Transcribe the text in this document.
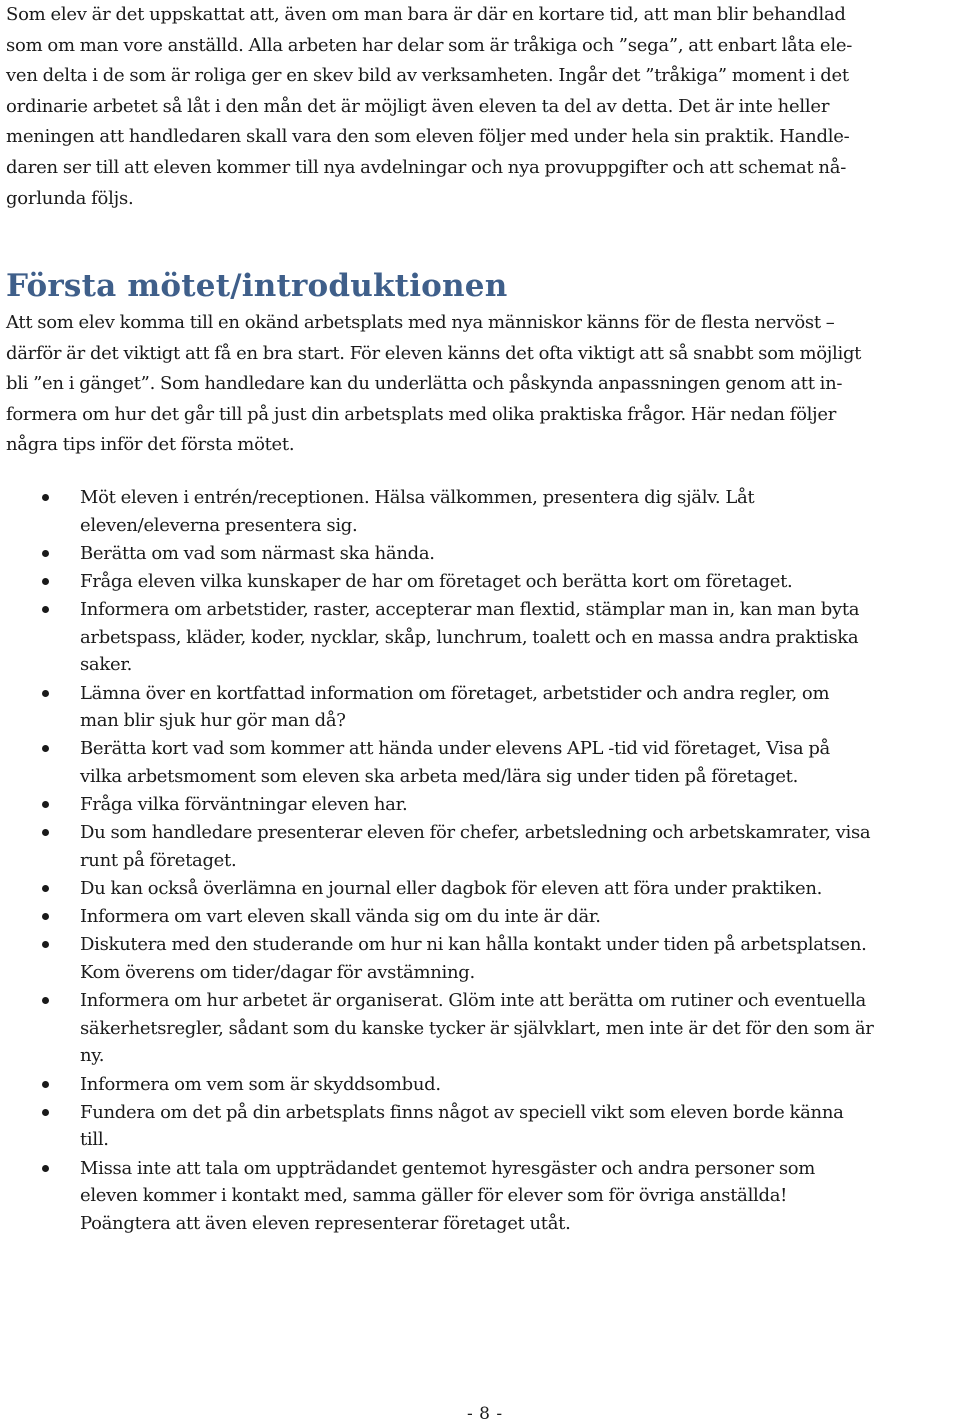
Som elev är det uppskattat att, även om man bara är där en kortare tid, att man blir behandlad

som om man vore anställd. Alla arbeten har delar som är tråkiga och ”sega”, att enbart låta ele-

ven delta i de som är roliga ger en skev bild av verksamheten. Ingår det ”tråkiga” moment i det

ordinarie arbetet så låt i den mån det är möjligt även eleven ta del av detta. Det är inte heller

meningen att handledaren skall vara den som eleven följer med under hela sin praktik. Handle-

daren ser till att eleven kommer till nya avdelningar och nya provuppgifter och att schemat nå-

gorlunda följs.

Första mötet/introduktionen
Att som elev komma till en okänd arbetsplats med nya människor känns för de flesta nervöst –
därför är det viktigt att få en bra start. För eleven känns det ofta viktigt att så snabbt som möjligt
bli ”en i gänget”. Som handledare kan du underlätta och påskynda anpassningen genom att in-
formera om hur det går till på just din arbetsplats med olika praktiska frågor. Här nedan följer
några tips inför det första mötet.
Möt eleven i entrén/receptionen. Hälsa välkommen, presentera dig själv. Låt
eleven/eleverna presentera sig.
Berätta om vad som närmast ska hända.
Fråga eleven vilka kunskaper de har om företaget och berätta kort om företaget.
Informera om arbetstider, raster, accepterar man flextid, stämplar man in, kan man byta
arbetspass, kläder, koder, nycklar, skåp, lunchrum, toalett och en massa andra praktiska
saker.
Lämna över en kortfattad information om företaget, arbetstider och andra regler, om
man blir sjuk hur gör man då?
Berätta kort vad som kommer att hända under elevens APL -tid vid företaget, Visa på
vilka arbetsmoment som eleven ska arbeta med/lära sig under tiden på företaget.
Fråga vilka förväntningar eleven har.
Du som handledare presenterar eleven för chefer, arbetsledning och arbetskamrater, visa
runt på företaget.
Du kan också överlämna en journal eller dagbok för eleven att föra under praktiken.
Informera om vart eleven skall vända sig om du inte är där.
Diskutera med den studerande om hur ni kan hålla kontakt under tiden på arbetsplatsen.
Kom överens om tider/dagar för avstämning.
Informera om hur arbetet är organiserat. Glöm inte att berätta om rutiner och eventuella
säkerhetsregler, sådant som du kanske tycker är självklart, men inte är det för den som är
ny.
Informera om vem som är skyddsombud.
Fundera om det på din arbetsplats finns något av speciell vikt som eleven borde känna
till.
Missa inte att tala om uppträdandet gentemot hyresgäster och andra personer som
eleven kommer i kontakt med, samma gäller för elever som för övriga anställda!
Poängtera att även eleven representerar företaget utåt.

- 8 -
